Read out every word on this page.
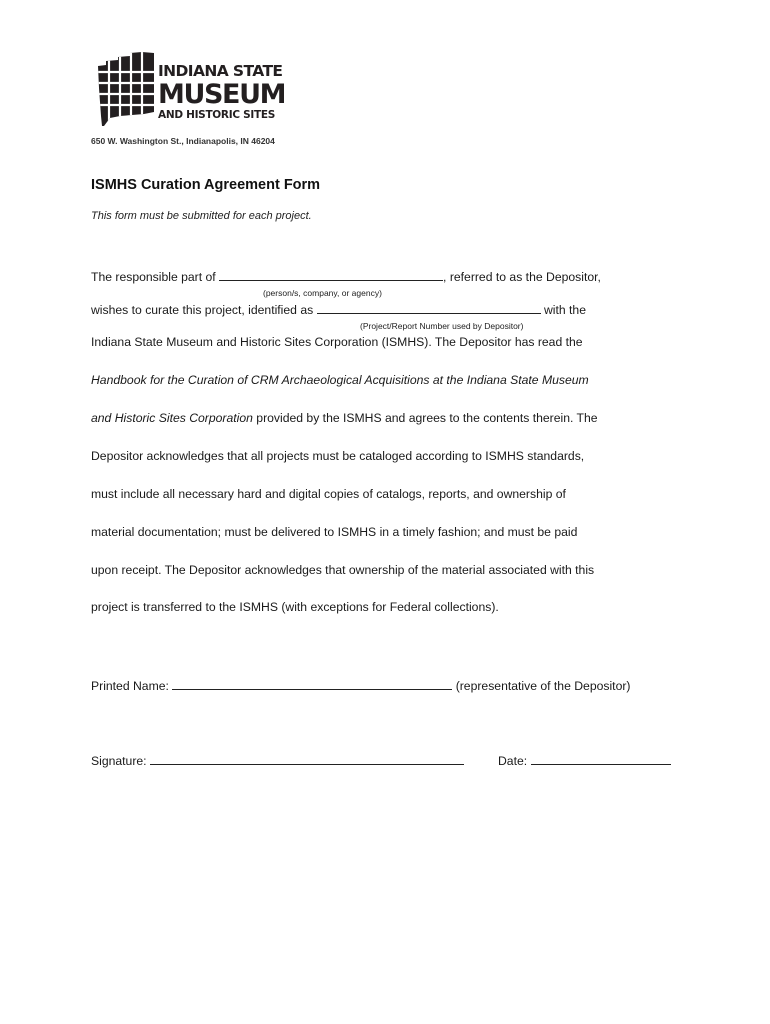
INDIANA STATE
MUSEUM
AND HISTORIC SITES
650 W. Washington St., Indianapolis, IN 46204
ISMHS Curation Agreement Form
This form must be submitted for each project.
The responsible part of	, referred to as the Depositor,
(person/s, company, or agency)
wishes to curate this project, identified as	with the
(Project/Report Number used by Depositor)
Indiana State Museum and Historic Sites Corporation (ISMHS). The Depositor has read the
Handbook for the Curation of CRM Archaeological Acquisitions at the Indiana State Museum
and Historic Sites Corporation provided by the ISMHS and agrees to the contents therein. The
Depositor acknowledges that all projects must be cataloged according to ISMHS standards,
must include all necessary hard and digital copies of catalogs, reports, and ownership of
material documentation; must be delivered to ISMHS in a timely fashion; and must be paid
upon receipt. The Depositor acknowledges that ownership of the material associated with this
project is transferred to the ISMHS (with exceptions for Federal collections).
Printed Name:	(representative of the Depositor)
Signature:	Date:
